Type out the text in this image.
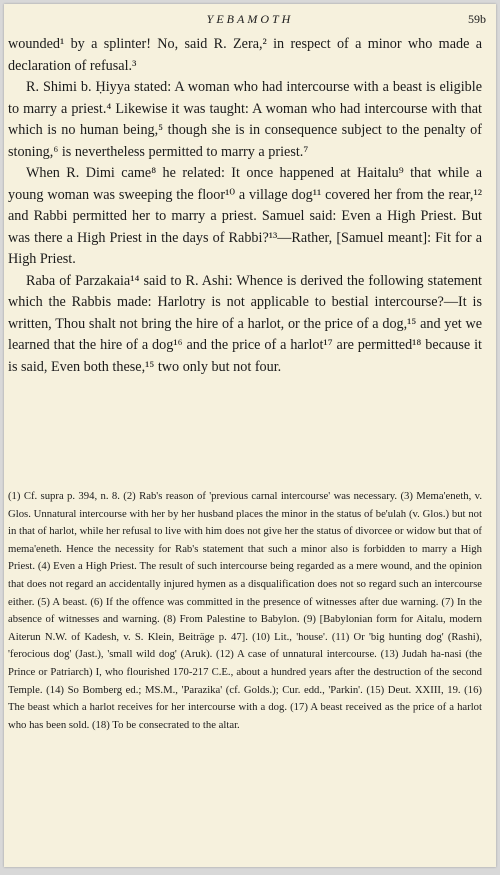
YEBAMOTH	59b

wounded¹ by a splinter! No, said R. Zera,² in respect of a minor who made a declaration of refusal.³

R. Shimi b. Ḥiyya stated: A woman who had intercourse with a beast is eligible to marry a priest.⁴ Likewise it was taught: A woman who had intercourse with that which is no human being,⁵ though she is in consequence subject to the penalty of stoning,⁶ is nevertheless permitted to marry a priest.⁷

When R. Dimi came⁸ he related: It once happened at Haitalu⁹ that while a young woman was sweeping the floor¹⁰ a village dog¹¹ covered her from the rear,¹² and Rabbi permitted her to marry a priest. Samuel said: Even a High Priest. But was there a High Priest in the days of Rabbi?¹³—Rather, [Samuel meant]: Fit for a High Priest.

Raba of Parzakaia¹⁴ said to R. Ashi: Whence is derived the following statement which the Rabbis made: Harlotry is not applicable to bestial intercourse?—It is written, Thou shalt not bring the hire of a harlot, or the price of a dog,¹⁵ and yet we learned that the hire of a dog¹⁶ and the price of a harlot¹⁷ are permitted¹⁸ because it is said, Even both these,¹⁵ two only but not four.

(1) Cf. supra p. 394, n. 8. (2) Rab's reason of 'previous carnal intercourse' was necessary. (3) Mema'eneth, v. Glos. Unnatural intercourse with her by her husband places the minor in the status of be'ulah (v. Glos.) but not in that of harlot, while her refusal to live with him does not give her the status of divorcee or widow but that of mema'eneth. Hence the necessity for Rab's statement that such a minor also is forbidden to marry a High Priest. (4) Even a High Priest. The result of such intercourse being regarded as a mere wound, and the opinion that does not regard an accidentally injured hymen as a disqualification does not so regard such an intercourse either. (5) A beast. (6) If the offence was committed in the presence of witnesses after due warning. (7) In the absence of witnesses and warning. (8) From Palestine to Babylon. (9) [Babylonian form for Aitalu, modern Aiterun N.W. of Kadesh, v. S. Klein, Beiträge p. 47]. (10) Lit., 'house'. (11) Or 'big hunting dog' (Rashi), 'ferocious dog' (Jast.), 'small wild dog' (Aruk). (12) A case of unnatural intercourse. (13) Judah ha-nasi (the Prince or Patriarch) I, who flourished 170-217 C.E., about a hundred years after the destruction of the second Temple. (14) So Bomberg ed.; MS.M., 'Parazika' (cf. Golds.); Cur. edd., 'Parkin'. (15) Deut. XXIII, 19. (16) The beast which a harlot receives for her intercourse with a dog. (17) A beast received as the price of a harlot who has been sold. (18) To be consecrated to the altar.
